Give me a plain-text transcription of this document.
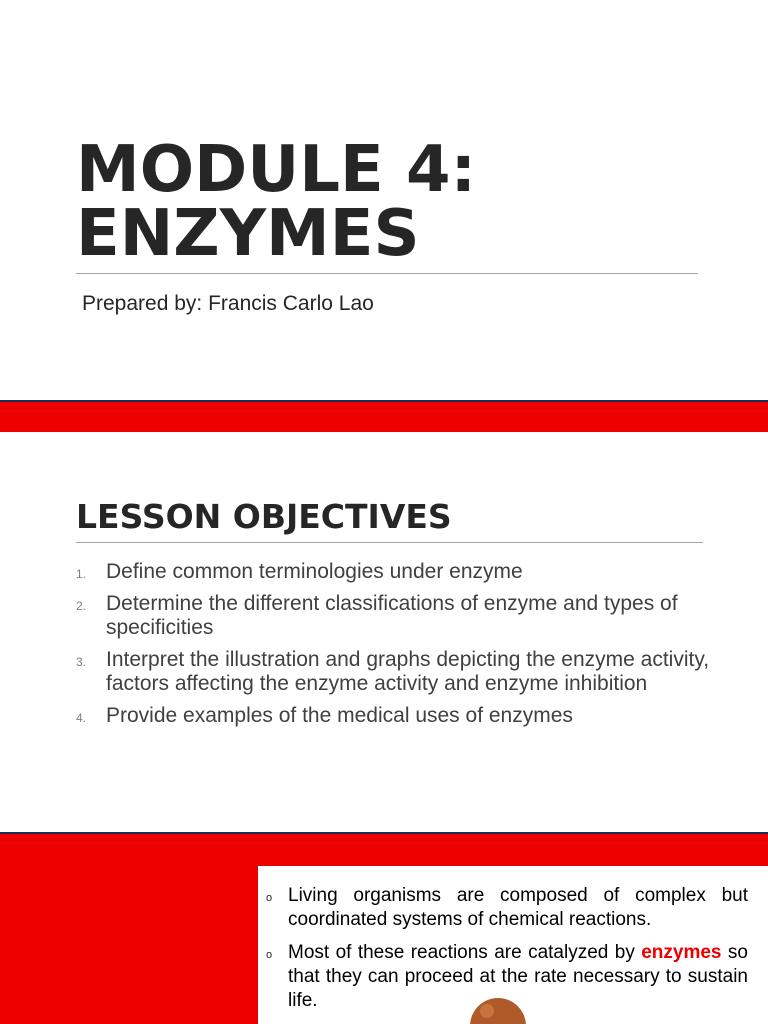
MODULE 4:
ENZYMES

Prepared by: Francis Carlo Lao

LESSON OBJECTIVES
1. Define common terminologies under enzyme
2. Determine the different classifications of enzyme and types of specificities
3. Interpret the illustration and graphs depicting the enzyme activity, factors affecting the enzyme activity and enzyme inhibition
4. Provide examples of the medical uses of enzymes
o Living organisms are composed of complex but coordinated systems of chemical reactions.
o Most of these reactions are catalyzed by enzymes so that they can proceed at the rate necessary to sustain life.
